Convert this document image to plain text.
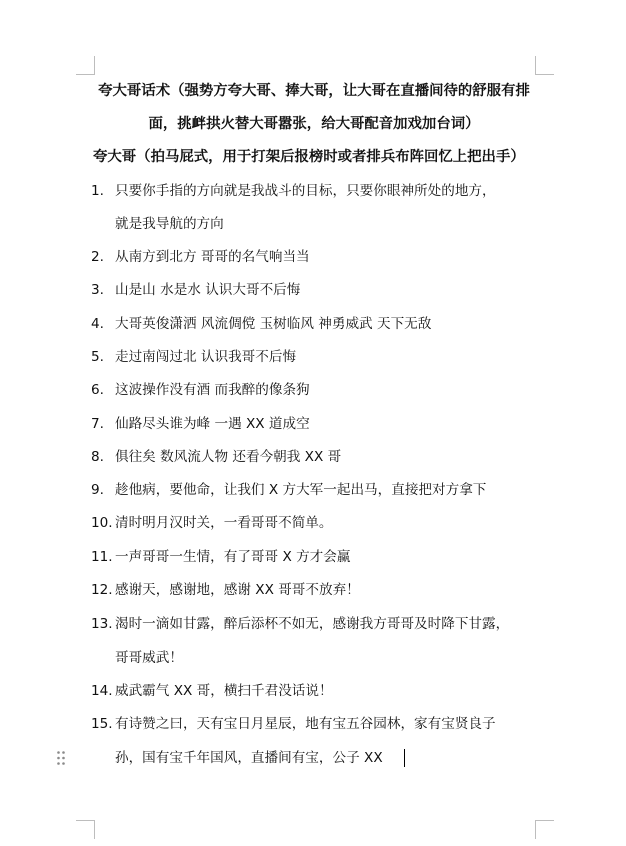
夸大哥话术（强势方夸大哥、捧大哥，让大哥在直播间待的舒服有排
面，挑衅拱火替大哥嚣张，给大哥配音加戏加台词）
夸大哥（拍马屁式，用于打架后报榜时或者排兵布阵回忆上把出手）
1. 只要你手指的方向就是我战斗的目标，只要你眼神所处的地方，
就是我导航的方向
2. 从南方到北方 哥哥的名气响当当
3. 山是山 水是水 认识大哥不后悔
4. 大哥英俊潇洒 风流倜傥 玉树临风 神勇威武 天下无敌
5. 走过南闯过北 认识我哥不后悔
6. 这波操作没有酒 而我醉的像条狗
7. 仙路尽头谁为峰 一遇 XX 道成空
8. 俱往矣 数风流人物 还看今朝我 XX 哥
9. 趁他病，要他命，让我们 X 方大军一起出马，直接把对方拿下
10. 清时明月汉时关，一看哥哥不简单。
11. 一声哥哥一生情，有了哥哥 X 方才会赢
12. 感谢天，感谢地，感谢 XX 哥哥不放弃！
13. 渴时一滴如甘露，醉后添杯不如无，感谢我方哥哥及时降下甘露，
哥哥威武！
14. 威武霸气 XX 哥，横扫千君没话说！
15. 有诗赞之曰，天有宝日月星辰，地有宝五谷园林，家有宝贤良子
孙，国有宝千年国风，直播间有宝，公子 XX
